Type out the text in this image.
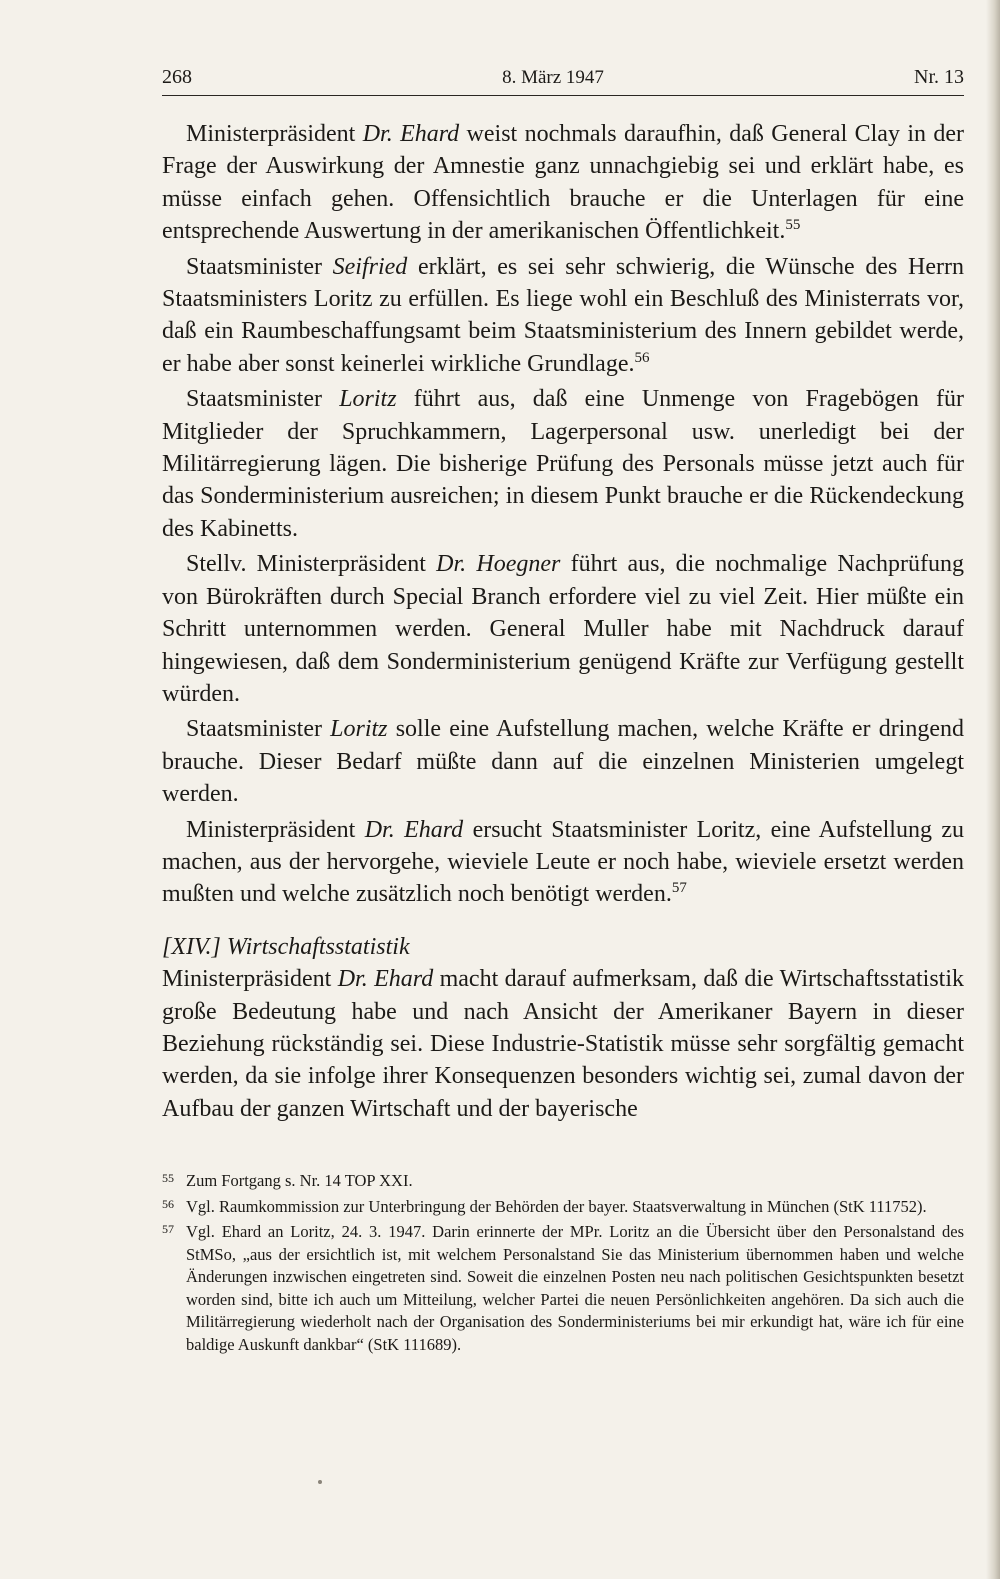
268	8. März 1947	Nr. 13

Ministerpräsident Dr. Ehard weist nochmals daraufhin, daß General Clay in der Frage der Auswirkung der Amnestie ganz unnachgiebig sei und erklärt habe, es müsse einfach gehen. Offensichtlich brauche er die Unterlagen für eine entsprechende Auswertung in der amerikanischen Öffentlichkeit.$^{55}$

Staatsminister Seifried erklärt, es sei sehr schwierig, die Wünsche des Herrn Staatsministers Loritz zu erfüllen. Es liege wohl ein Beschluß des Ministerrats vor, daß ein Raumbeschaffungsamt beim Staatsministerium des Innern gebildet werde, er habe aber sonst keinerlei wirkliche Grundlage.$^{56}$

Staatsminister Loritz führt aus, daß eine Unmenge von Fragebögen für Mitglieder der Spruchkammern, Lagerpersonal usw. unerledigt bei der Militärregierung lägen. Die bisherige Prüfung des Personals müsse jetzt auch für das Sonderministerium ausreichen; in diesem Punkt brauche er die Rückendeckung des Kabinetts.

Stellv. Ministerpräsident Dr. Hoegner führt aus, die nochmalige Nachprüfung von Bürokräften durch Special Branch erfordere viel zu viel Zeit. Hier müßte ein Schritt unternommen werden. General Muller habe mit Nachdruck darauf hingewiesen, daß dem Sonderministerium genügend Kräfte zur Verfügung gestellt würden.

Staatsminister Loritz solle eine Aufstellung machen, welche Kräfte er dringend brauche. Dieser Bedarf müßte dann auf die einzelnen Ministerien umgelegt werden.

Ministerpräsident Dr. Ehard ersucht Staatsminister Loritz, eine Aufstellung zu machen, aus der hervorgehe, wieviele Leute er noch habe, wieviele ersetzt werden mußten und welche zusätzlich noch benötigt werden.$^{57}$

[XIV.] Wirtschaftsstatistik

Ministerpräsident Dr. Ehard macht darauf aufmerksam, daß die Wirtschaftsstatistik große Bedeutung habe und nach Ansicht der Amerikaner Bayern in dieser Beziehung rückständig sei. Diese Industrie-Statistik müsse sehr sorgfältig gemacht werden, da sie infolge ihrer Konsequenzen besonders wichtig sei, zumal davon der Aufbau der ganzen Wirtschaft und der bayerische

55 Zum Fortgang s. Nr. 14 TOP XXI.
56 Vgl. Raumkommission zur Unterbringung der Behörden der bayer. Staatsverwaltung in München (StK 111752).
57 Vgl. Ehard an Loritz, 24. 3. 1947. Darin erinnerte der MPr. Loritz an die Übersicht über den Personalstand des StMSo, „aus der ersichtlich ist, mit welchem Personalstand Sie das Ministerium übernommen haben und welche Änderungen inzwischen eingetreten sind. Soweit die einzelnen Posten neu nach politischen Gesichtspunkten besetzt worden sind, bitte ich auch um Mitteilung, welcher Partei die neuen Persönlichkeiten angehören. Da sich auch die Militärregierung wiederholt nach der Organisation des Sonderministeriums bei mir erkundigt hat, wäre ich für eine baldige Auskunft dankbar“ (StK 111689).
